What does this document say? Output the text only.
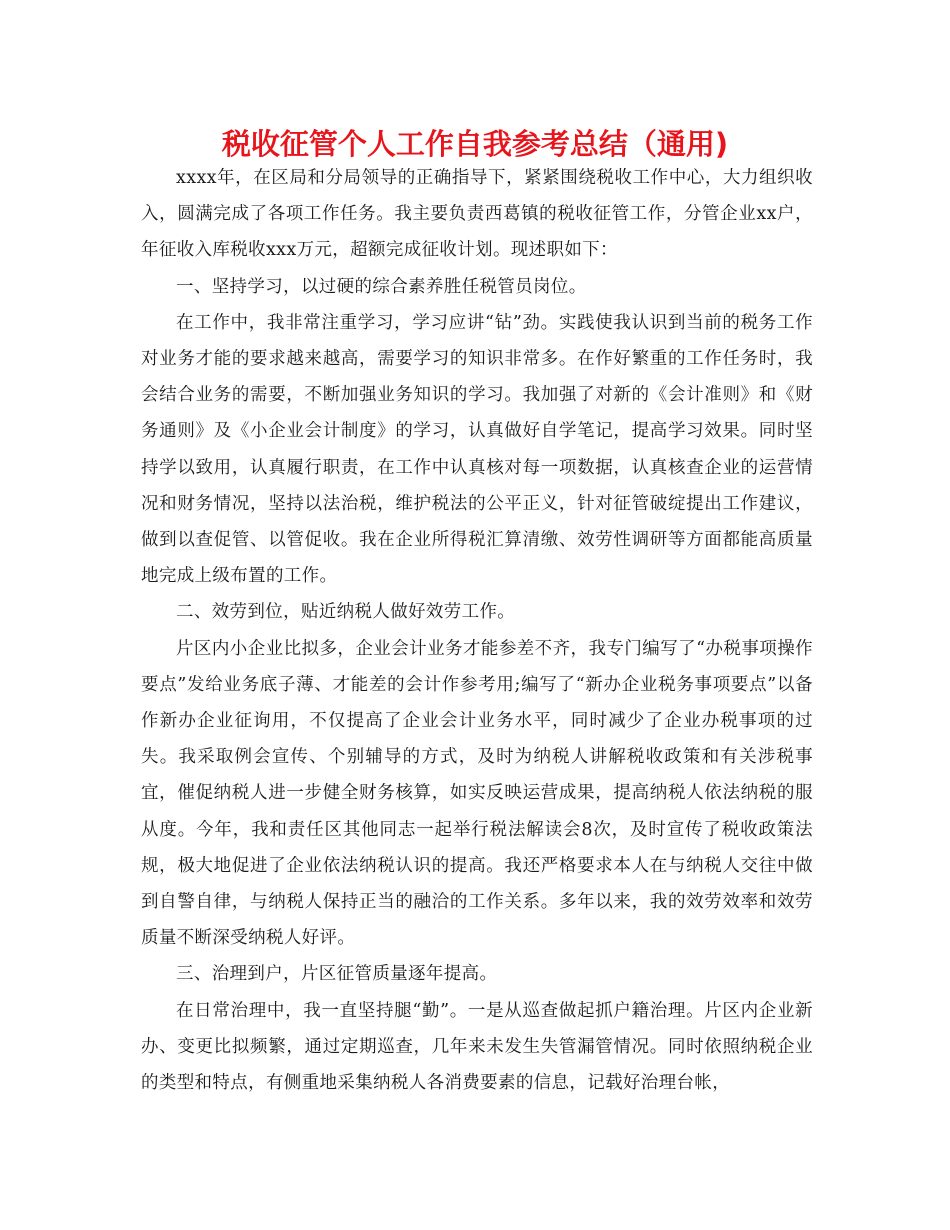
税收征管个人工作自我参考总结（通用)

xxxx年，在区局和分局领导的正确指导下，紧紧围绕税收工作中心，大力组织收入，圆满完成了各项工作任务。我主要负责西葛镇的税收征管工作，分管企业xx户，年征收入库税收xxx万元，超额完成征收计划。现述职如下：

一、坚持学习，以过硬的综合素养胜任税管员岗位。

在工作中，我非常注重学习，学习应讲“钻”劲。实践使我认识到当前的税务工作对业务才能的要求越来越高，需要学习的知识非常多。在作好繁重的工作任务时，我会结合业务的需要，不断加强业务知识的学习。我加强了对新的《会计准则》和《财务通则》及《小企业会计制度》的学习，认真做好自学笔记，提高学习效果。同时坚持学以致用，认真履行职责，在工作中认真核对每一项数据，认真核查企业的运营情况和财务情况，坚持以法治税，维护税法的公平正义，针对征管破绽提出工作建议，做到以查促管、以管促收。我在企业所得税汇算清缴、效劳性调研等方面都能高质量地完成上级布置的工作。

二、效劳到位，贴近纳税人做好效劳工作。

片区内小企业比拟多，企业会计业务才能参差不齐，我专门编写了“办税事项操作要点”发给业务底子薄、才能差的会计作参考用;编写了“新办企业税务事项要点”以备作新办企业征询用，不仅提高了企业会计业务水平，同时减少了企业办税事项的过失。我采取例会宣传、个别辅导的方式，及时为纳税人讲解税收政策和有关涉税事宜，催促纳税人进一步健全财务核算，如实反映运营成果，提高纳税人依法纳税的服从度。今年，我和责任区其他同志一起举行税法解读会8次，及时宣传了税收政策法规，极大地促进了企业依法纳税认识的提高。我还严格要求本人在与纳税人交往中做到自警自律，与纳税人保持正当的融洽的工作关系。多年以来，我的效劳效率和效劳质量不断深受纳税人好评。

三、治理到户，片区征管质量逐年提高。

在日常治理中，我一直坚持腿“勤”。一是从巡查做起抓户籍治理。片区内企业新办、变更比拟频繁，通过定期巡查，几年来未发生失管漏管情况。同时依照纳税企业的类型和特点，有侧重地采集纳税人各消费要素的信息，记载好治理台帐，
